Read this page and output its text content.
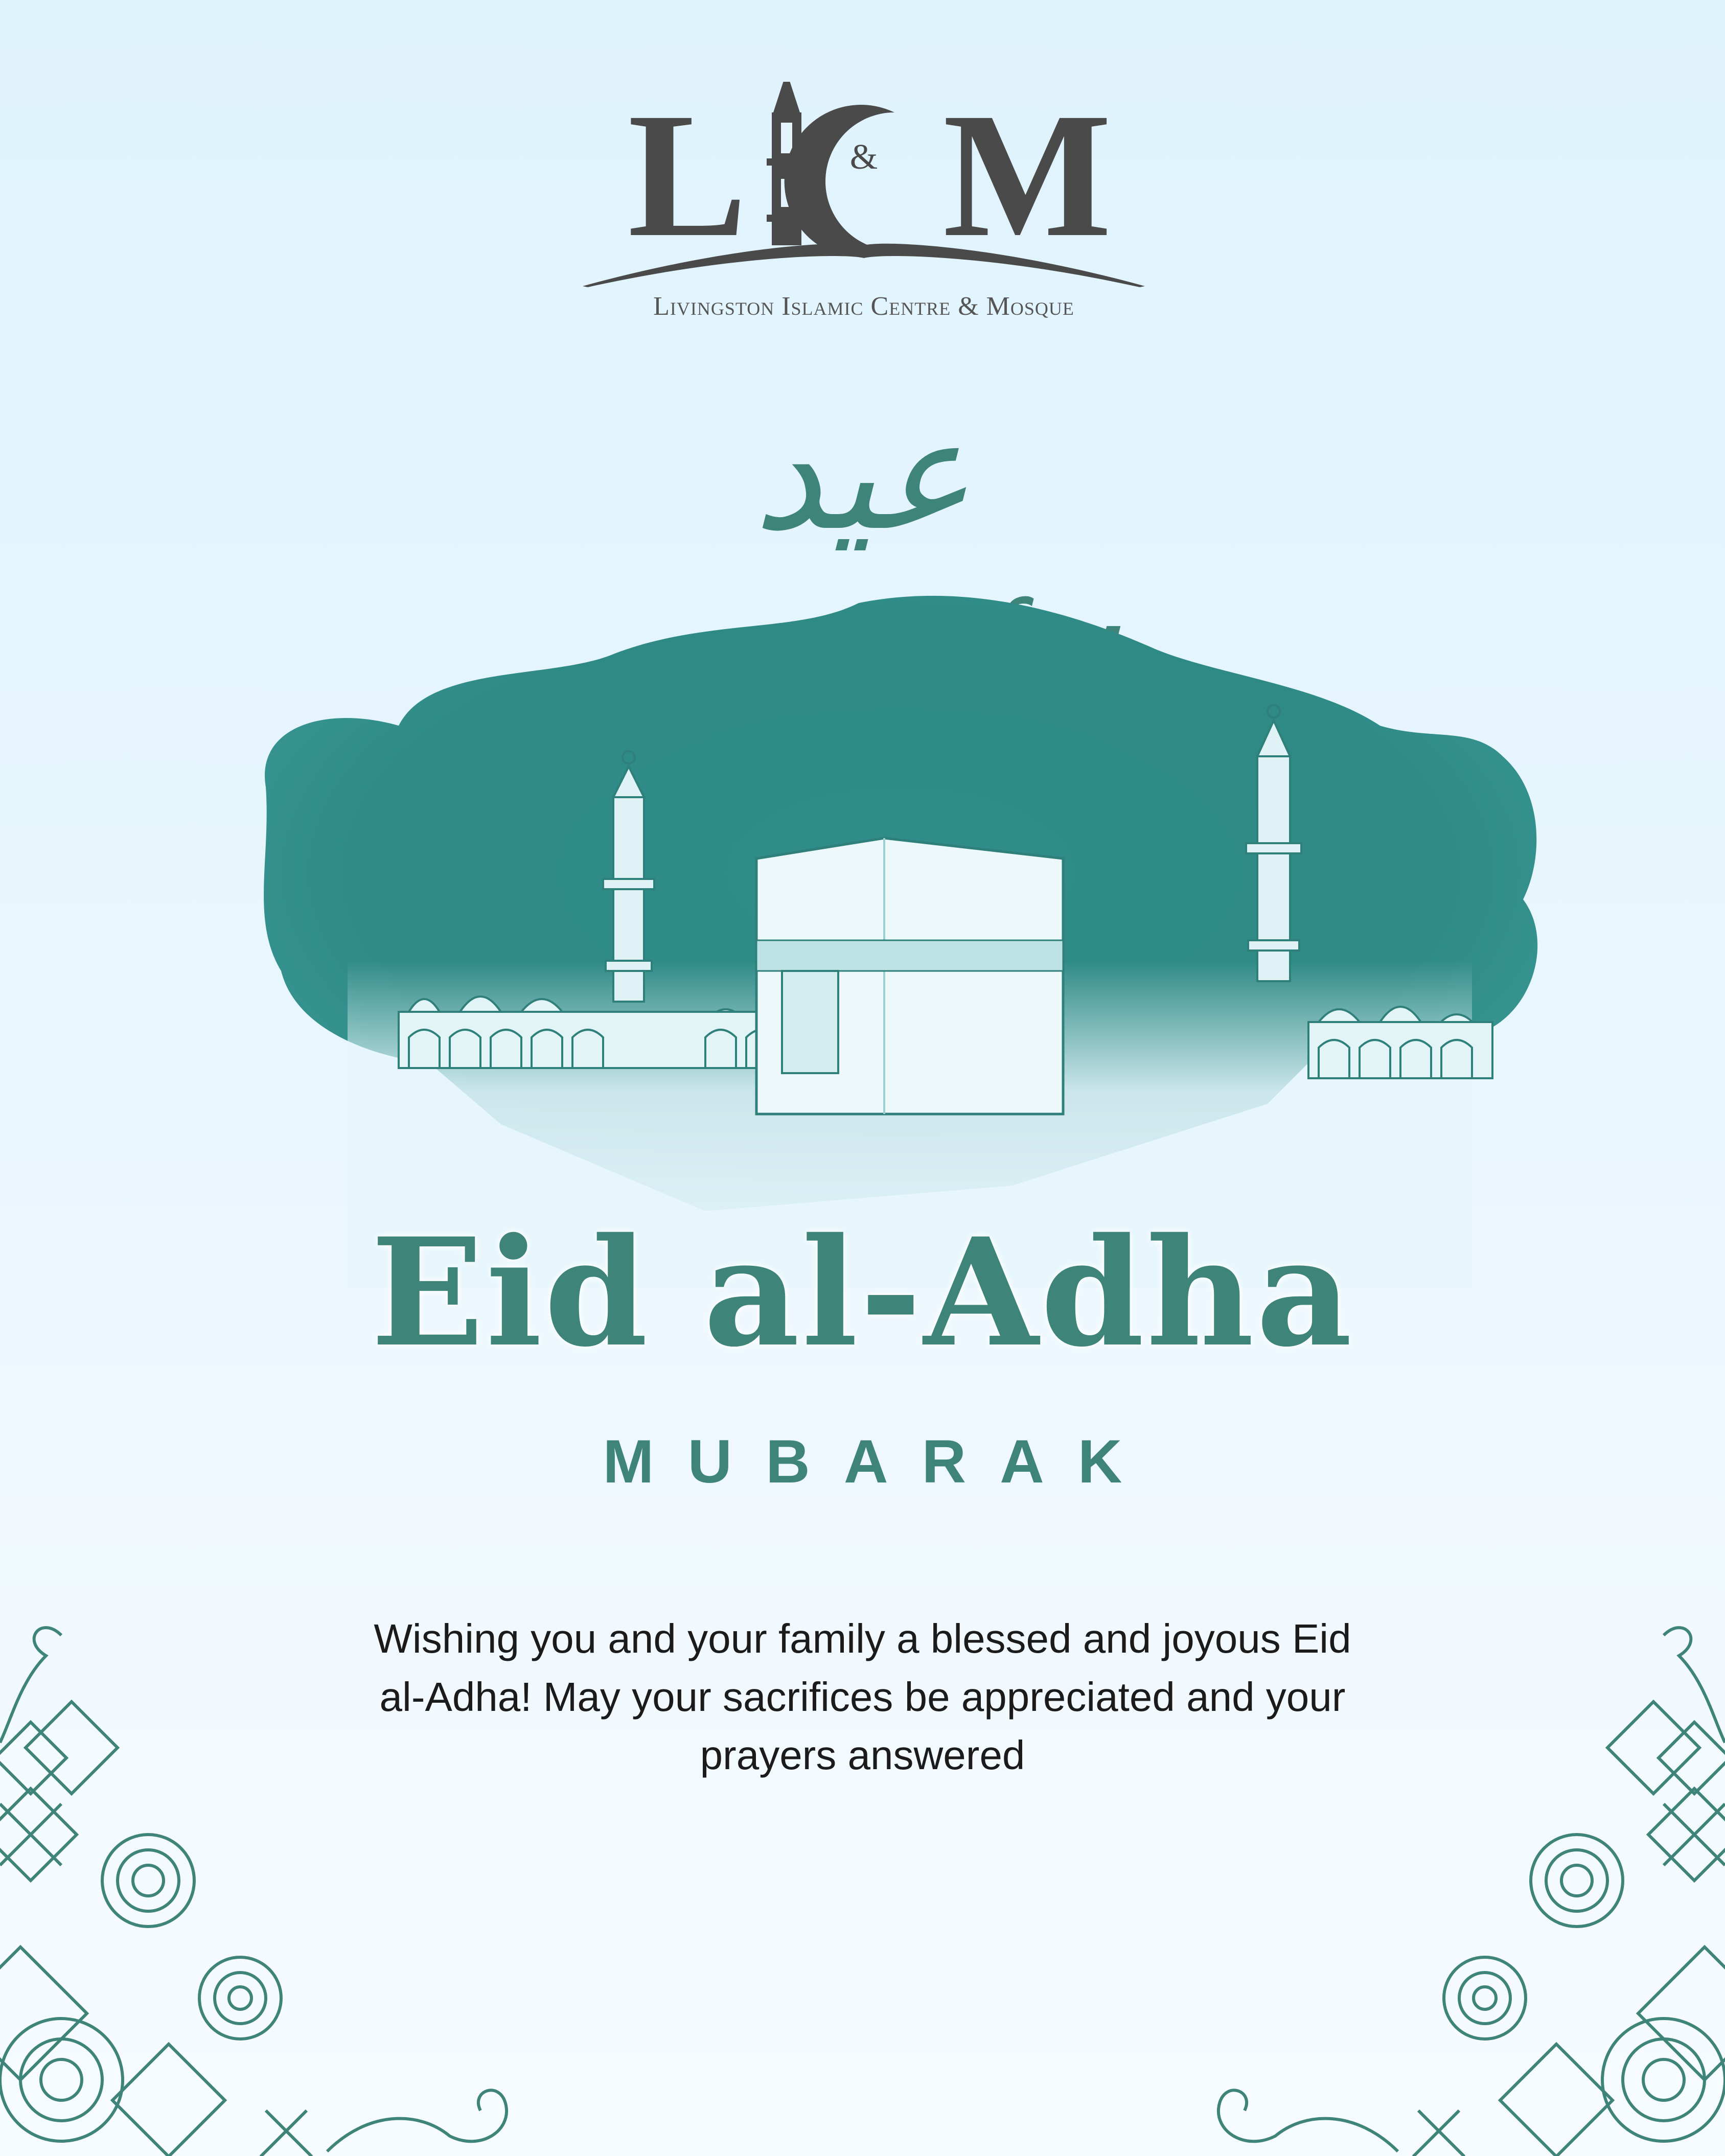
L	& M
Livingston Islamic Centre & Mosque
عيد
Eid al-Adha
MUBARAK
Wishing you and your family a blessed and joyous Eid
al-Adha! May your sacrifices be appreciated and your
prayers answered
